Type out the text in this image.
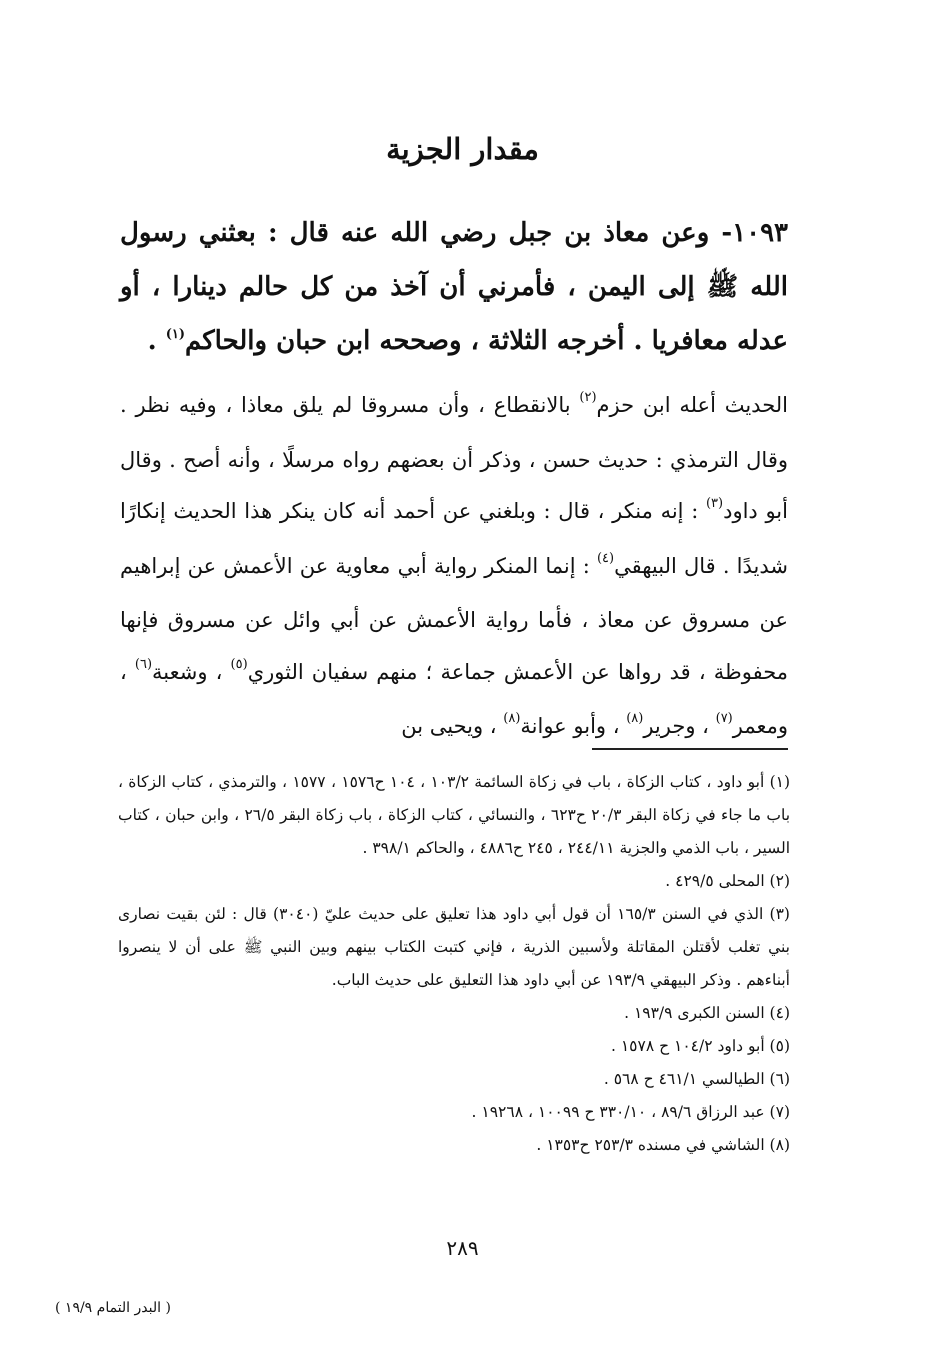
مقدار الجزية

١٠٩٣- وعن معاذ بن جبل رضي الله عنه قال : بعثني رسول الله ﷺ إلى اليمن ، فأمرني أن آخذ من كل حالم دينارا ، أو عدله معافريا . أخرجه الثلاثة ، وصححه ابن حبان والحاكم$^{(١)}$ .

الحديث أعله ابن حزم$^{(٢)}$ بالانقطاع ، وأن مسروقا لم يلق معاذا ، وفيه نظر . وقال الترمذي : حديث حسن ، وذكر أن بعضهم رواه مرسلًا ، وأنه أصح . وقال أبو داود$^{(٣)}$ : إنه منكر ، قال : وبلغني عن أحمد أنه كان ينكر هذا الحديث إنكارًا شديدًا . قال البيهقي$^{(٤)}$ : إنما المنكر رواية أبي معاوية عن الأعمش عن إبراهيم عن مسروق عن معاذ ، فأما رواية الأعمش عن أبي وائل عن مسروق فإنها محفوظة ، قد رواها عن الأعمش جماعة ؛ منهم سفيان الثوري$^{(٥)}$ ، وشعبة$^{(٦)}$ ، ومعمر$^{(٧)}$ ، وجرير$^{(٨)}$ ، وأبو عوانة$^{(٨)}$ ، ويحيى بن

(١) أبو داود ، كتاب الزكاة ، باب في زكاة السائمة ١٠٣/٢ ، ١٠٤ ح١٥٧٦ ، ١٥٧٧ ، والترمذي ، كتاب الزكاة ، باب ما جاء في زكاة البقر ٢٠/٣ ح٦٢٣ ، والنسائي ، كتاب الزكاة ، باب زكاة البقر ٢٦/٥ ، وابن حبان ، كتاب السير ، باب الذمي والجزية ٢٤٤/١١ ، ٢٤٥ ح٤٨٨٦ ، والحاكم ٣٩٨/١ .
(٢) المحلى ٤٢٩/٥ .
(٣) الذي في السنن ١٦٥/٣ أن قول أبي داود هذا تعليق على حديث عليّ (٣٠٤٠) قال : لئن بقيت نصارى بني تغلب لأقتلن المقاتلة ولأسبين الذرية ، فإني كتبت الكتاب بينهم وبين النبي ﷺ على أن لا ينصروا أبناءهم . وذكر البيهقي ١٩٣/٩ عن أبي داود هذا التعليق على حديث الباب.
(٤) السنن الكبرى ١٩٣/٩ .
(٥) أبو داود ١٠٤/٢ ح ١٥٧٨ .
(٦) الطيالسي ٤٦١/١ ح ٥٦٨ .
(٧) عبد الرزاق ٨٩/٦ ، ٣٣٠/١٠ ح ١٠٠٩٩ ، ١٩٢٦٨ .
(٨) الشاشي في مسنده ٢٥٣/٣ ح١٣٥٣ .
٢٨٩
( البدر التمام ١٩/٩ )
